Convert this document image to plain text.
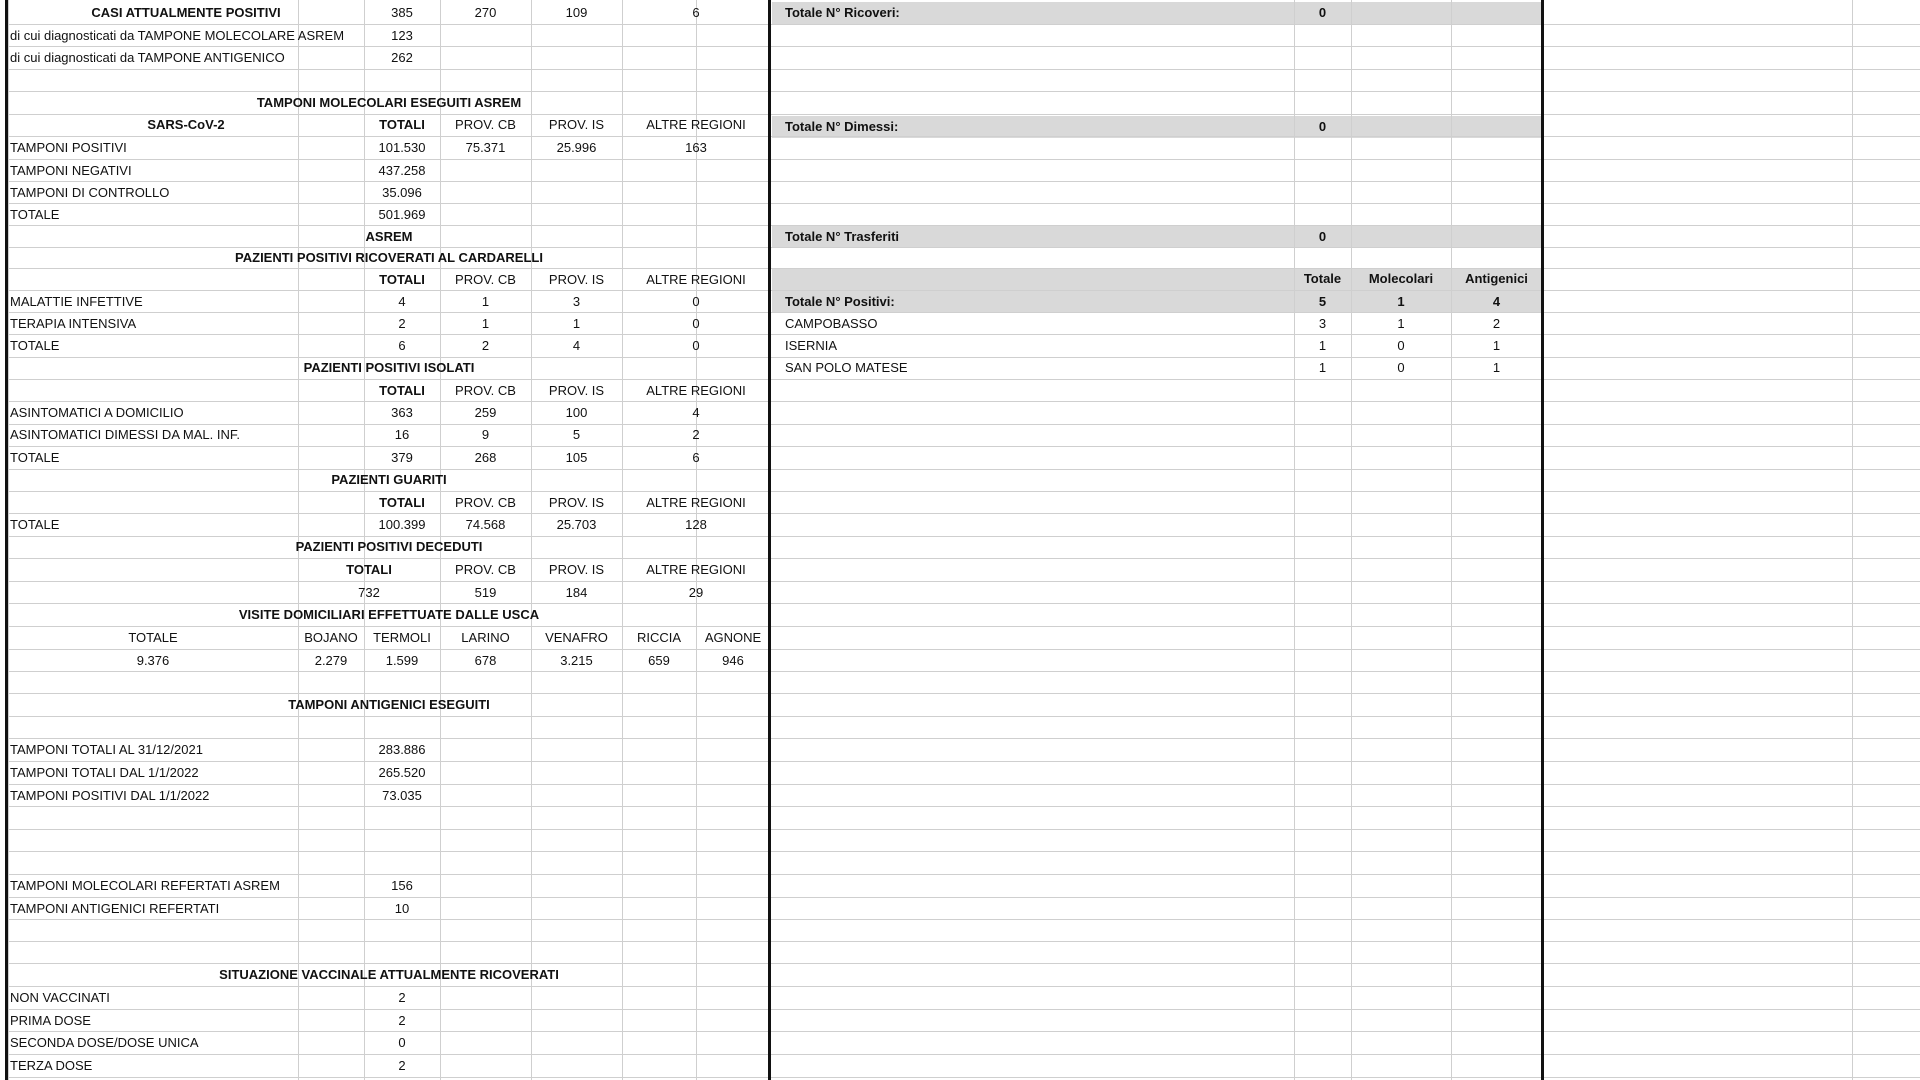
CASI ATTUALMENTE POSITIVI	385	270	109	6
di cui diagnosticati da TAMPONE MOLECOLARE ASREM	123
di cui diagnosticati da TAMPONE ANTIGENICO	262
TAMPONI MOLECOLARI ESEGUITI ASREM
SARS-CoV-2	TOTALI	PROV. CB	PROV. IS	ALTRE REGIONI
TAMPONI POSITIVI	101.530	75.371	25.996	163
TAMPONI NEGATIVI	437.258
TAMPONI DI CONTROLLO	35.096
TOTALE	501.969
ASREM
PAZIENTI POSITIVI RICOVERATI AL CARDARELLI
TOTALI	PROV. CB	PROV. IS	ALTRE REGIONI
MALATTIE INFETTIVE	4	1	3	0
TERAPIA INTENSIVA	2	1	1	0
TOTALE	6	2	4	0
PAZIENTI POSITIVI ISOLATI
TOTALI	PROV. CB	PROV. IS	ALTRE REGIONI
ASINTOMATICI A DOMICILIO	363	259	100	4
ASINTOMATICI DIMESSI DA MAL. INF.	16	9	5	2
TOTALE	379	268	105	6
PAZIENTI GUARITI
TOTALI	PROV. CB	PROV. IS	ALTRE REGIONI
TOTALE	100.399	74.568	25.703	128
PAZIENTI POSITIVI DECEDUTI
TOTALI	PROV. CB	PROV. IS	ALTRE REGIONI
732	519	184	29
VISITE DOMICILIARI EFFETTUATE DALLE USCA
TOTALE	BOJANO	TERMOLI	LARINO	VENAFRO	RICCIA	AGNONE
9.376	2.279	1.599	678	3.215	659	946
TAMPONI ANTIGENICI ESEGUITI
TAMPONI TOTALI AL 31/12/2021	283.886
TAMPONI TOTALI DAL 1/1/2022	265.520
TAMPONI POSITIVI DAL 1/1/2022	73.035
TAMPONI MOLECOLARI REFERTATI ASREM	156
TAMPONI ANTIGENICI REFERTATI	10
SITUAZIONE VACCINALE ATTUALMENTE RICOVERATI
NON VACCINATI	2
PRIMA DOSE	2
SECONDA DOSE/DOSE UNICA	0
TERZA DOSE	2
Totale N° Ricoveri:	0
Totale N° Dimessi:	0
Totale N° Trasferiti	0
Totale	Molecolari	Antigenici
Totale N° Positivi:	5	1	4
CAMPOBASSO	3	1	2
ISERNIA	1	0	1
SAN POLO MATESE	1	0	1
